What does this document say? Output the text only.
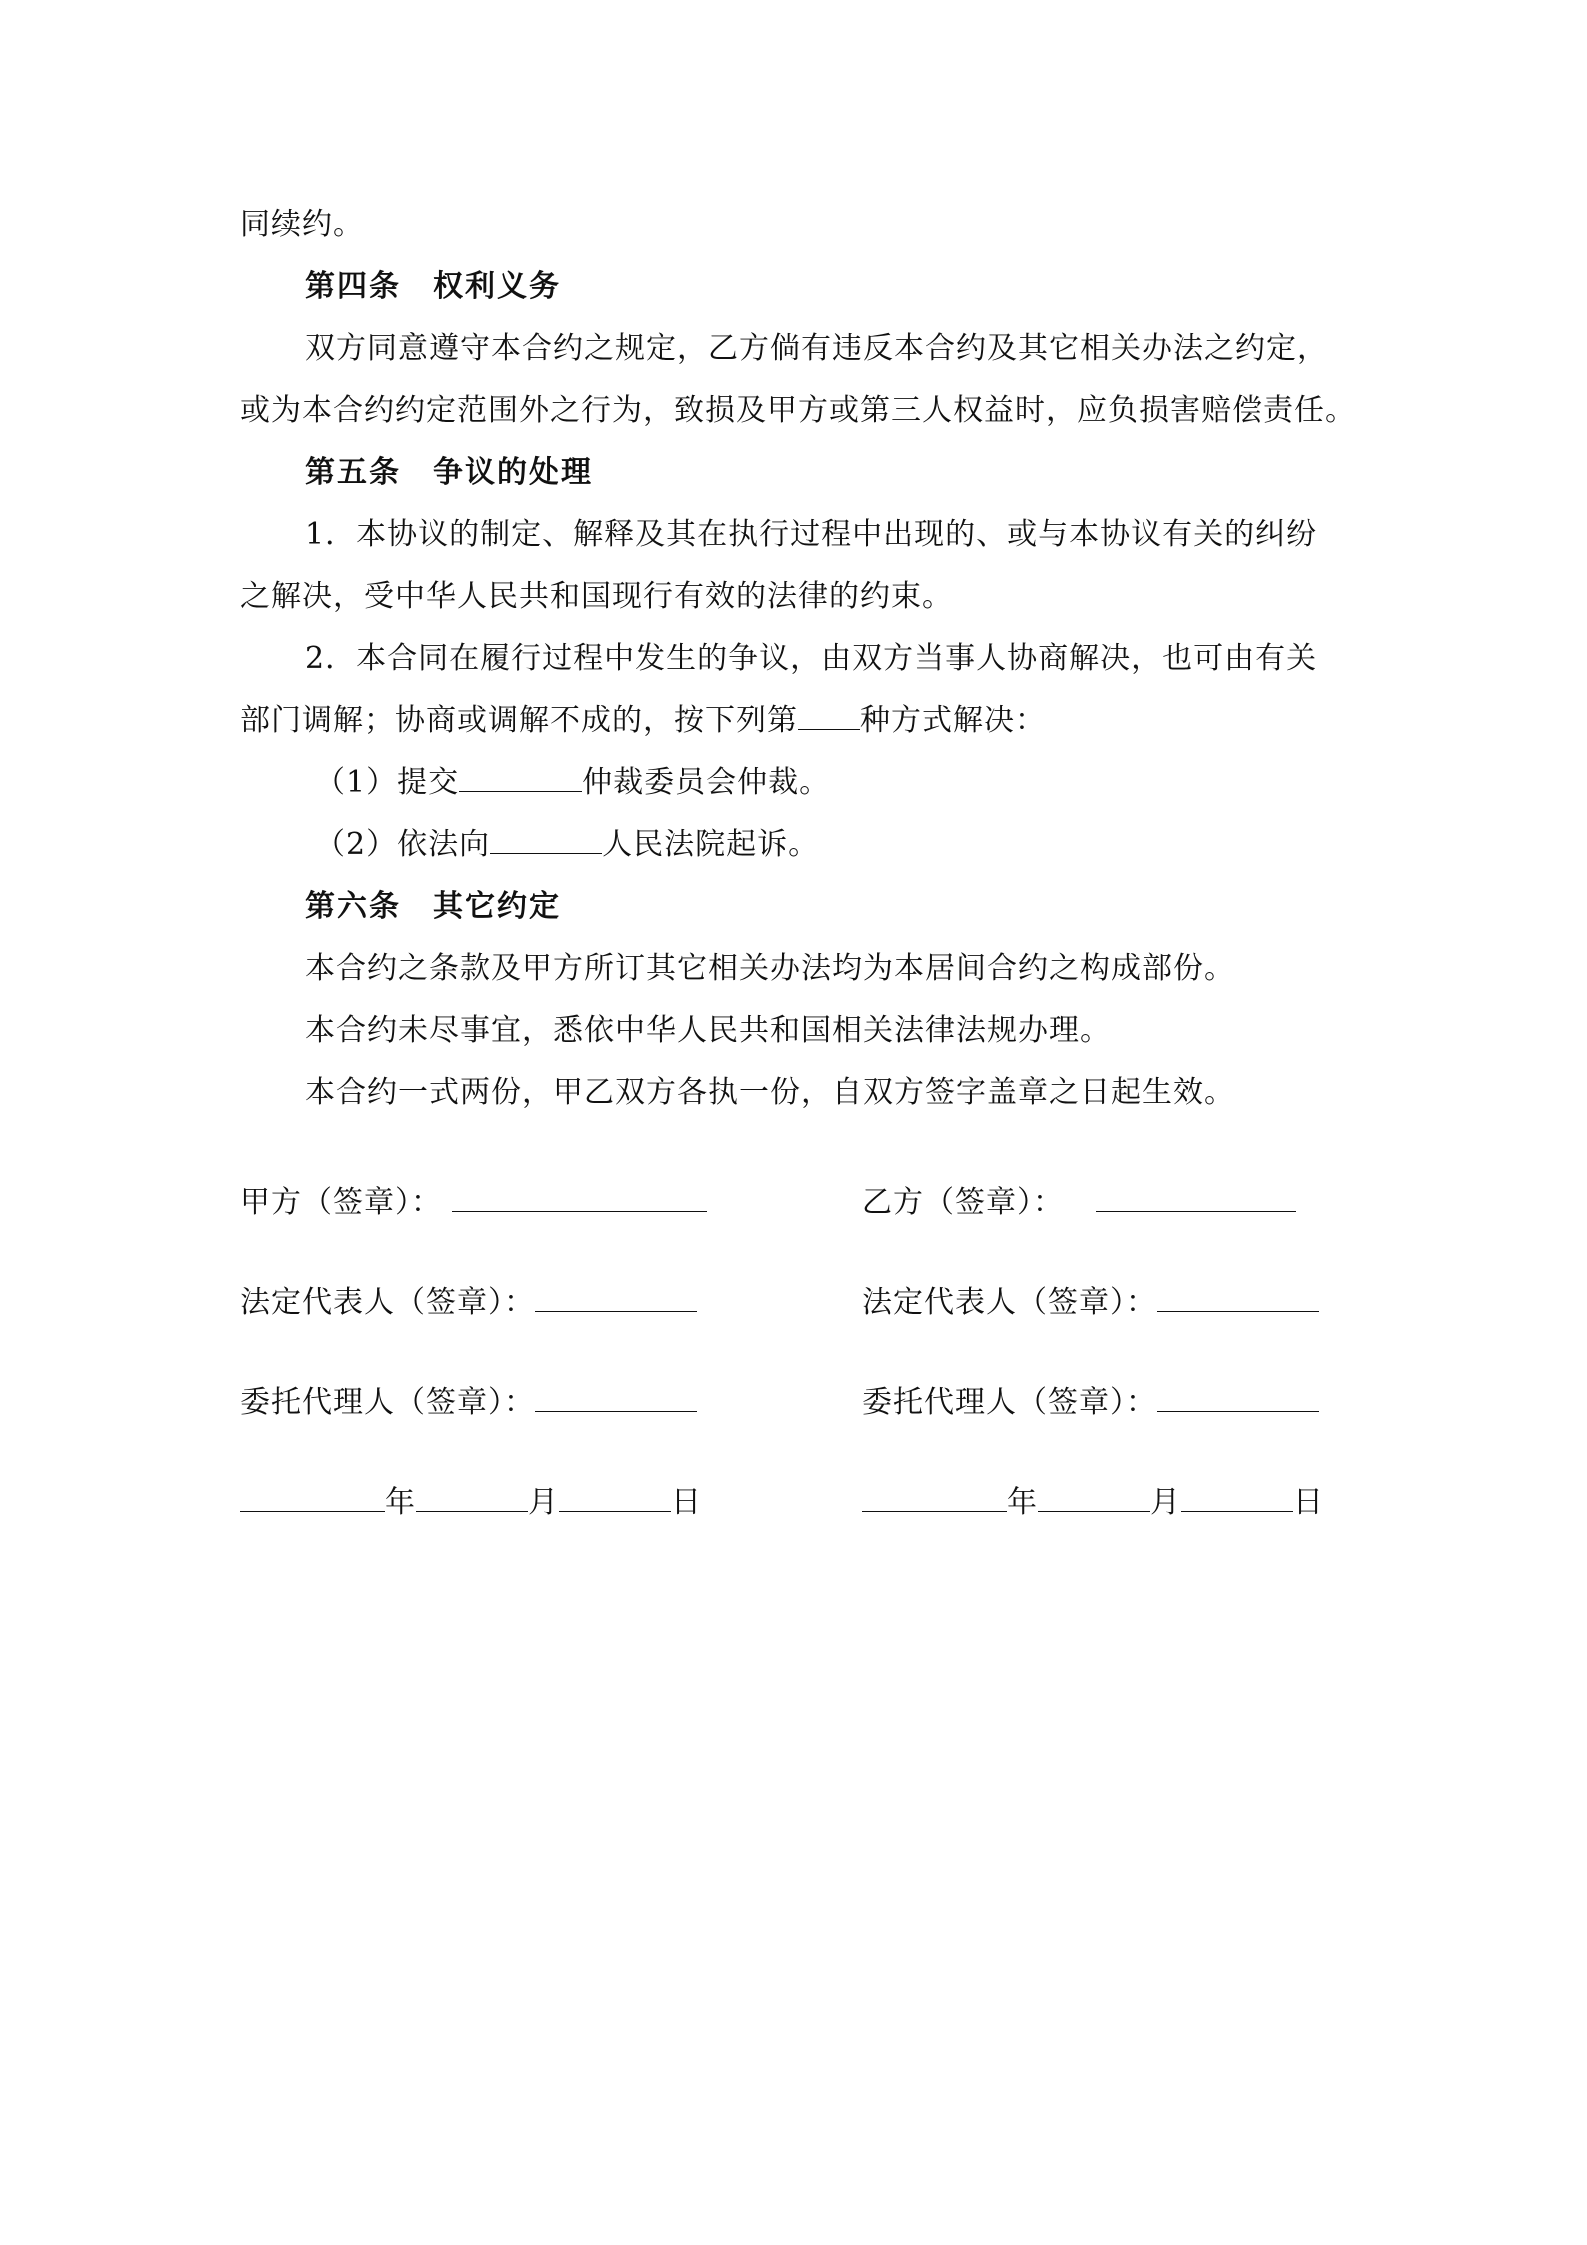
同续约。
第四条　权利义务
双方同意遵守本合约之规定，乙方倘有违反本合约及其它相关办法之约定，
或为本合约约定范围外之行为，致损及甲方或第三人权益时，应负损害赔偿责任。
第五条　争议的处理
1．本协议的制定、解释及其在执行过程中出现的、或与本协议有关的纠纷
之解决，受中华人民共和国现行有效的法律的约束。
2．本合同在履行过程中发生的争议，由双方当事人协商解决，也可由有关
部门调解；协商或调解不成的，按下列第 种方式解决：
（1）提交	仲裁委员会仲裁。
（2）依法向	人民法院起诉。
第六条　其它约定
本合约之条款及甲方所订其它相关办法均为本居间合约之构成部份。
本合约未尽事宜，悉依中华人民共和国相关法律法规办理。
本合约一式两份，甲乙双方各执一份，自双方签字盖章之日起生效。
甲方（签章）：
法定代表人（签章）：
委托代理人（签章）：
年	月	日
乙方（签章）：
法定代表人（签章）：
委托代理人（签章）：
年	月	日
